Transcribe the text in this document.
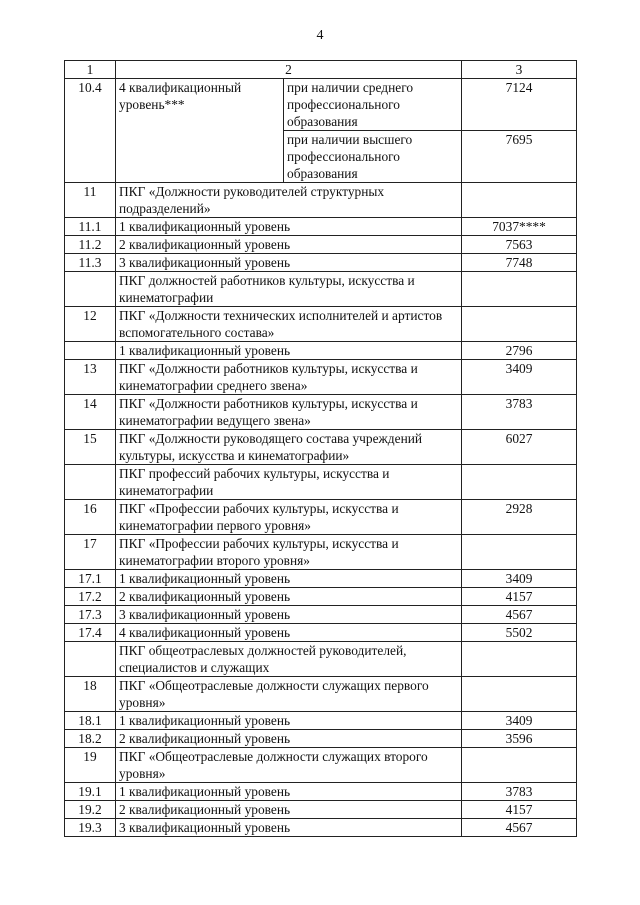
4
1	2		3
10.4	4 квалификационный уровень***	при наличии среднего профессионального образования	7124
		при наличии высшего профессионального образования	7695
11	ПКГ «Должности руководителей структурных подразделений»		
11.1	1 квалификационный уровень		7037****
11.2	2 квалификационный уровень		7563
11.3	3 квалификационный уровень		7748
	ПКГ должностей работников культуры, искусства и кинематографии		
12	ПКГ «Должности технических исполнителей и артистов вспомогательного состава»		
	1 квалификационный уровень		2796
13	ПКГ «Должности работников культуры, искусства и кинематографии среднего звена»		3409
14	ПКГ «Должности работников культуры, искусства и кинематографии ведущего звена»		3783
15	ПКГ «Должности руководящего состава учреждений культуры, искусства и кинематографии»		6027
	ПКГ профессий рабочих культуры, искусства и кинематографии		
16	ПКГ «Профессии рабочих культуры, искусства и кинематографии первого уровня»		2928
17	ПКГ «Профессии рабочих культуры, искусства и кинематографии второго уровня»		
17.1	1 квалификационный уровень		3409
17.2	2 квалификационный уровень		4157
17.3	3 квалификационный уровень		4567
17.4	4 квалификационный уровень		5502
	ПКГ общеотраслевых должностей руководителей, специалистов и служащих		
18	ПКГ «Общеотраслевые должности служащих первого уровня»		
18.1	1 квалификационный уровень		3409
18.2	2 квалификационный уровень		3596
19	ПКГ «Общеотраслевые должности служащих второго уровня»		
19.1	1 квалификационный уровень		3783
19.2	2 квалификационный уровень		4157
19.3	3 квалификационный уровень		4567
